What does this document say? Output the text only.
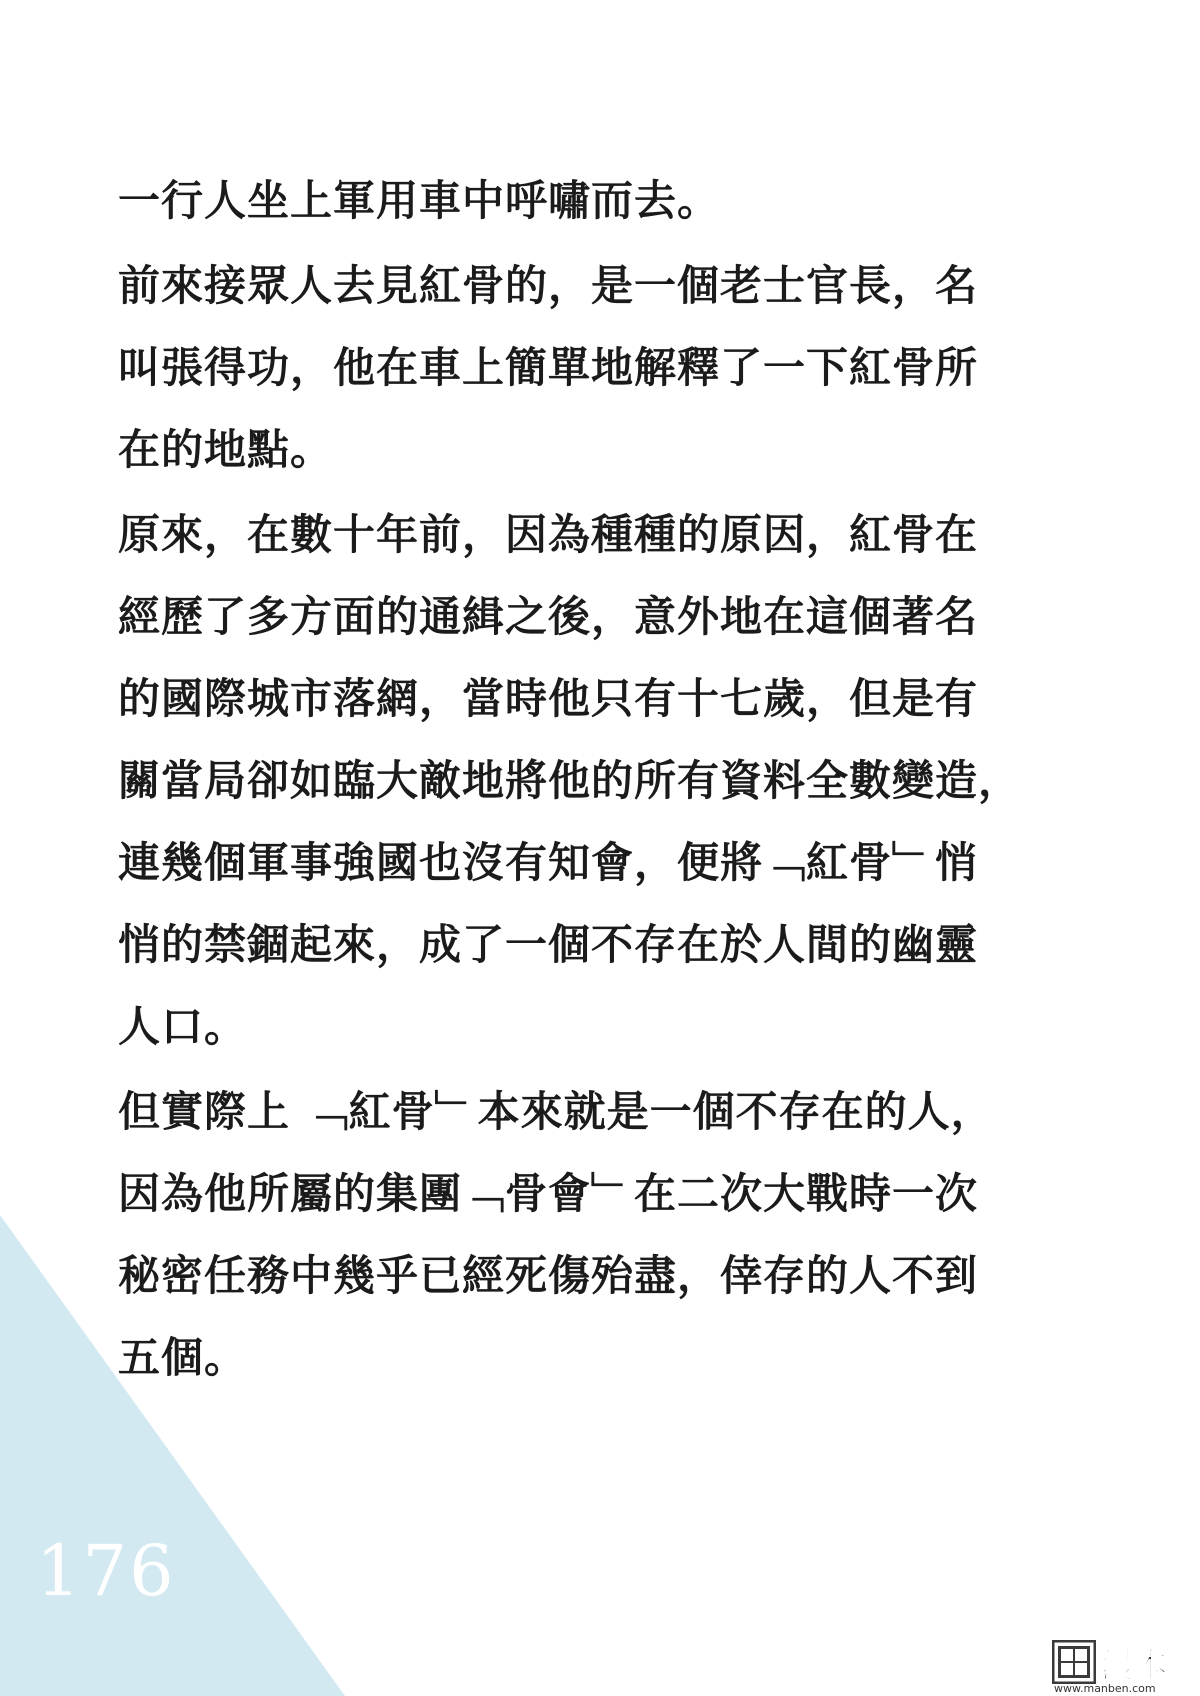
一行人坐上軍用車中呼嘯而去。
前來接眾人去見紅骨的，是一個老士官長，名
叫張得功，他在車上簡單地解釋了一下紅骨所
在的地點。
原來，在數十年前，因為種種的原因，紅骨在
經歷了多方面的通緝之後，意外地在這個著名
的國際城市落網，當時他只有十七歲，但是有
關當局卻如臨大敵地將他的所有資料全數變造，
連幾個軍事強國也沒有知會，便將﹁紅骨﹂悄
悄的禁錮起來，成了一個不存在於人間的幽靈
人口。
但實際上 ﹁紅骨﹂本來就是一個不存在的人，
因為他所屬的集團﹁骨會﹂在二次大戰時一次
秘密任務中幾乎已經死傷殆盡，倖存的人不到
五個。
176
漫本
www.manben.com
